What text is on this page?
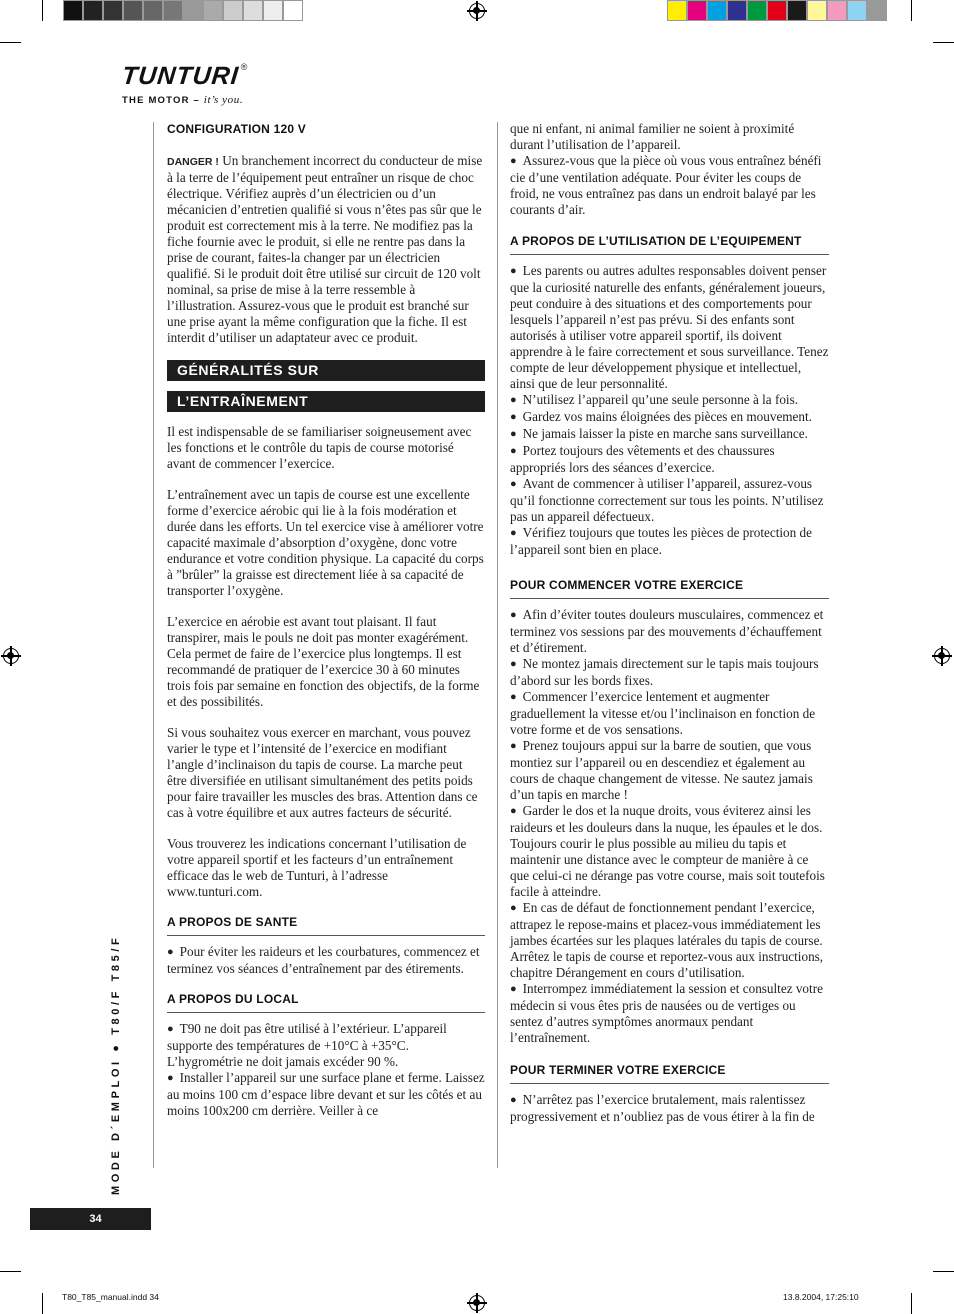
TUNTURI®
THE MOTOR – it’s you.
CONFIGURATION 120 V

DANGER ! Un branchement incorrect du conducteur de mise à la terre de l’équipement peut entraîner un risque de choc électrique. Vérifiez auprès d’un électricien ou d’un mécanicien d’entretien qualifié si vous n’êtes pas sûr que le produit est correctement mis à la terre. Ne modifiez pas la fiche fournie avec le produit, si elle ne rentre pas dans la prise de courant, faites-la changer par un électricien qualifié. Si le produit doit être utilisé sur circuit de 120 volt nominal, sa prise de mise à la terre ressemble à l’illustration. Assurez-vous que le produit est branché sur une prise ayant la même configuration que la fiche. Il est interdit d’utiliser un adaptateur avec ce produit.

GÉNÉRALITÉS SUR
L’ENTRAÎNEMENT

Il est indispensable de se familiariser soigneusement avec les fonctions et le contrôle du tapis de course motorisé avant de commencer l’exercice.

L’entraînement avec un tapis de course est une excellente forme d’exercice aérobic qui lie à la fois modération et durée dans les efforts. Un tel exercice vise à améliorer votre capacité maximale d’absorption d’oxygène, donc votre endurance et votre condition physique. La capacité du corps à ”brûler” la graisse est directement liée à sa capacité de transporter l’oxygène.

L’exercice en aérobie est avant tout plaisant. Il faut transpirer, mais le pouls ne doit pas monter exagérément. Cela permet de faire de l’exercice plus longtemps. Il est recommandé de pratiquer de l’exercice 30 à 60 minutes trois fois par semaine en fonction des objectifs, de la forme et des possibilités.

Si vous souhaitez vous exercer en marchant, vous pouvez varier le type et l’intensité de l’exercice en modifiant l’angle d’inclinaison du tapis de course. La marche peut être diversifiée en utilisant simultanément des petits poids pour faire travailler les muscles des bras. Attention dans ce cas à votre équilibre et aux autres facteurs de sécurité.

Vous trouverez les indications concernant l’utilisation de votre appareil sportif et les facteurs d’un entraînement efficace das le web de Tunturi, à l’adresse www.tunturi.com.

A PROPOS DE SANTE

● Pour éviter les raideurs et les courbatures, commencez et terminez vos séances d’entraînement par des étirements.

A PROPOS DU LOCAL

● T90 ne doit pas être utilisé à l’extérieur. L’appareil supporte des températures de +10°C à +35°C. L’hygrométrie ne doit jamais excéder 90 %.

● Installer l’appareil sur une surface plane et ferme. Laissez au moins 100 cm d’espace libre devant et sur les côtés et au moins 100x200 cm derrière. Veiller à ce

que ni enfant, ni animal familier ne soient à proximité durant l’utilisation de l’appareil.

● Assurez-vous que la pièce où vous vous entraînez bénéfi cie d’une ventilation adéquate. Pour éviter les coups de froid, ne vous entraînez pas dans un endroit balayé par les courants d’air.

A PROPOS DE L’UTILISATION DE L’EQUIPEMENT

● Les parents ou autres adultes responsables doivent penser que la curiosité naturelle des enfants, généralement joueurs, peut conduire à des situations et des comportements pour lesquels l’appareil n’est pas prévu. Si des enfants sont autorisés à utiliser votre appareil sportif, ils doivent apprendre à le faire correctement et sous surveillance. Tenez compte de leur développement physique et intellectuel, ainsi que de leur personnalité.

● N’utilisez l’appareil qu’une seule personne à la fois.

● Gardez vos mains éloignées des pièces en mouvement.

● Ne jamais laisser la piste en marche sans surveillance.

● Portez toujours des vêtements et des chaussures appropriés lors des séances d’exercice.

● Avant de commencer à utiliser l’appareil, assurez-vous qu’il fonctionne correctement sur tous les points. N’utilisez pas un appareil défectueux.

● Vérifiez toujours que toutes les pièces de protection de l’appareil sont bien en place.

POUR COMMENCER VOTRE EXERCICE

● Afin d’éviter toutes douleurs musculaires, commencez et terminez vos sessions par des mouvements d’échauffement et d’étirement.

● Ne montez jamais directement sur le tapis mais toujours d’abord sur les bords fixes.

● Commencer l’exercice lentement et augmenter graduellement la vitesse et/ou l’inclinaison en fonction de votre forme et de vos sensations.

● Prenez toujours appui sur la barre de soutien, que vous montiez sur l’appareil ou en descendiez et également au cours de chaque changement de vitesse. Ne sautez jamais d’un tapis en marche !

● Garder le dos et la nuque droits, vous éviterez ainsi les raideurs et les douleurs dans la nuque, les épaules et le dos. Toujours courir le plus possible au milieu du tapis et maintenir une distance avec le compteur de manière à ce que celui-ci ne dérange pas votre course, mais soit toutefois facile à atteindre.

● En cas de défaut de fonctionnement pendant l’exercice, attrapez le repose-mains et placez-vous immédiatement les jambes écartées sur les plaques latérales du tapis de course. Arrêtez le tapis de course et reportez-vous aux instructions, chapitre Dérangement en cours d’utilisation.

● Interrompez immédiatement la session et consultez votre médecin si vous êtes pris de nausées ou de vertiges ou sentez d’autres symptômes anormaux pendant l’entraînement.

POUR TERMINER VOTRE EXERCICE

● N’arrêtez pas l’exercice brutalement, mais ralentissez progressivement et n’oubliez pas de vous étirer à la fin de

MODE D´EMPLOI ● T80/F T85/F
34
T80_T85_manual.indd 34	13.8.2004, 17:25:10
